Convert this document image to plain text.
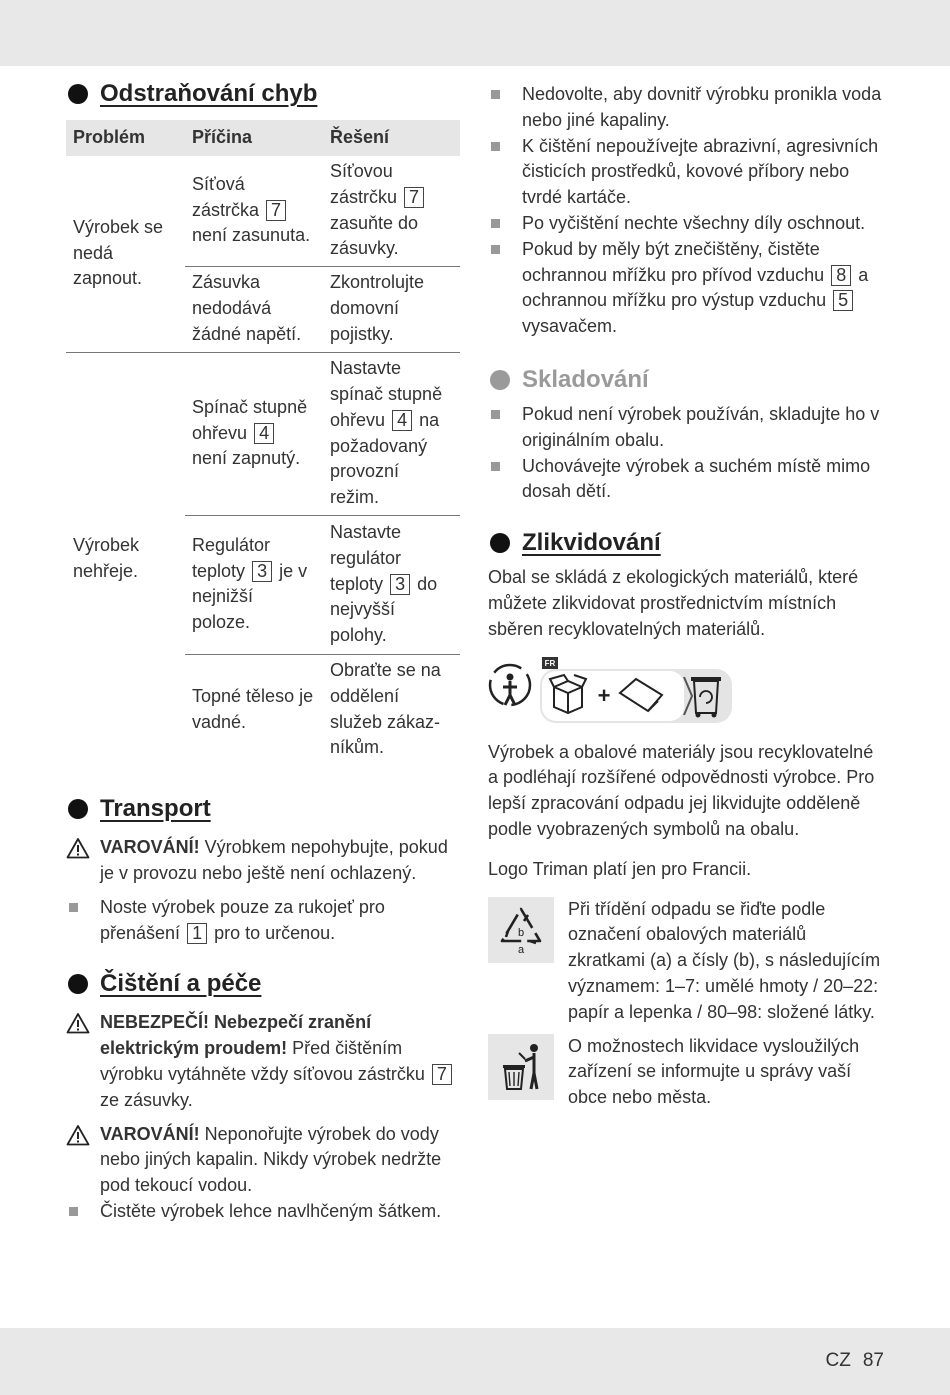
Odstraňování chyb
Problém	Příčina	Řešení
Výrobek se nedá zapnout.	Síťová zástrčka 7 není zasunuta.	Síťovou zástrčku 7 zasuňte do zásuvky.
	Zásuvka nedodává žádné napětí.	Zkontrolujte domovní pojistky.
Výrobek nehřeje.	Spínač stupně ohřevu 4 není zapnutý.	Nastavte spínač stupně ohřevu 4 na požadovaný provozní režim.
	Regulátor teploty 3 je v nejnižší poloze.	Nastavte regulátor teploty 3 do nejvyšší polohy.
	Topné těleso je vadné.	Obraťte se na oddělení služeb zákaz-níkům.
Transport
VAROVÁNÍ! Výrobkem nepohybujte, pokud je v provozu nebo ještě není ochlazený.
Noste výrobek pouze za rukojeť pro přenášení 1 pro to určenou.
Čištění a péče
NEBEZPEČÍ! Nebezpečí zranění elektrickým proudem! Před čištěním výrobku vytáhněte vždy síťovou zástrčku 7 ze zásuvky.
VAROVÁNÍ! Neponořujte výrobek do vody nebo jiných kapalin. Nikdy výrobek nedržte pod tekoucí vodou.
Čistěte výrobek lehce navlhčeným šátkem.
Nedovolte, aby dovnitř výrobku pronikla voda nebo jiné kapaliny.
K čištění nepoužívejte abrazivní, agresivních čisticích prostředků, kovové příbory nebo tvrdé kartáče.
Po vyčištění nechte všechny díly oschnout.
Pokud by měly být znečištěny, čistěte ochrannou mřížku pro přívod vzduchu 8 a ochrannou mřížku pro výstup vzduchu 5 vysavačem.
Skladování
Pokud není výrobek používán, skladujte ho v originálním obalu.
Uchovávejte výrobek a suchém místě mimo dosah dětí.
Zlikvidování

Obal se skládá z ekologických materiálů, které můžete zlikvidovat prostřednictvím místních sběren recyklovatelných materiálů.

FR
+

Výrobek a obalové materiály jsou recyklovatelné a podléhají rozšířené odpovědnosti výrobce. Pro lepší zpracování odpadu jej likvidujte odděleně podle vyobrazených symbolů na obalu.

Logo Triman platí jen pro Francii.

b
a

Při třídění odpadu se řiďte podle označení obalových materiálů zkratkami (a) a čísly (b), s následujícím významem: 1–7: umělé hmoty / 20–22: papír a lepenka / 80–98: složené látky.

O možnostech likvidace vysloužilých zařízení se informujte u správy vaší obce nebo města.

CZ 87
